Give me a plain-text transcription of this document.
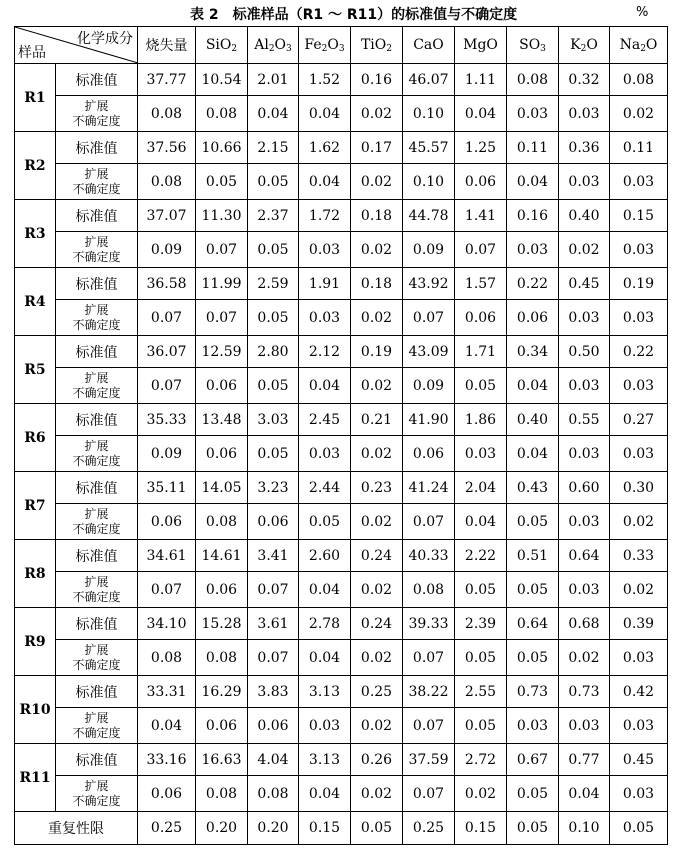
表 2　标准样品（R1 ～ R11）的标准值与不确定度	%
化学成分
样品		烧失量	SiO$_2$	$Al_2O_3$	$Fe_2O_3$	TiO$_2$	CaO	MgO	$SO_3$	$K_2O$	$Na_2O$
R1	标准值	37.77	10.54	2.01	1.52	0.16	46.07	1.11	0.08	0.32	0.08

	扩展
不确定度	0.08	0.08	0.04	0.04	0.02	0.10	0.04	0.03	0.03	0.02
R2	标准值	37.56	10.66	2.15	1.62	0.17	45.57	1.25	0.11	0.36	0.11

	扩展
不确定度	0.08	0.05	0.05	0.04	0.02	0.10	0.06	0.04	0.03	0.03
R3	标准值	37.07	11.30	2.37	1.72	0.18	44.78	1.41	0.16	0.40	0.15

	扩展
不确定度	0.09	0.07	0.05	0.03	0.02	0.09	0.07	0.03	0.02	0.03
R4	标准值	36.58	11.99	2.59	1.91	0.18	43.92	1.57	0.22	0.45	0.19

	扩展
不确定度	0.07	0.07	0.05	0.03	0.02	0.07	0.06	0.06	0.03	0.03
R5	标准值	36.07	12.59	2.80	2.12	0.19	43.09	1.71	0.34	0.50	0.22

	扩展
不确定度	0.07	0.06	0.05	0.04	0.02	0.09	0.05	0.04	0.03	0.03
R6	标准值	35.33	13.48	3.03	2.45	0.21	41.90	1.86	0.40	0.55	0.27

	扩展
不确定度	0.09	0.06	0.05	0.03	0.02	0.06	0.03	0.04	0.03	0.03
R7	标准值	35.11	14.05	3.23	2.44	0.23	41.24	2.04	0.43	0.60	0.30

	扩展
不确定度	0.06	0.08	0.06	0.05	0.02	0.07	0.04	0.05	0.03	0.02
R8	标准值	34.61	14.61	3.41	2.60	0.24	40.33	2.22	0.51	0.64	0.33

	扩展
不确定度	0.07	0.06	0.07	0.04	0.02	0.08	0.05	0.05	0.03	0.02
R9	标准值	34.10	15.28	3.61	2.78	0.24	39.33	2.39	0.64	0.68	0.39

	扩展
不确定度	0.08	0.08	0.07	0.04	0.02	0.07	0.05	0.05	0.02	0.03
R10	标准值	33.31	16.29	3.83	3.13	0.25	38.22	2.55	0.73	0.73	0.42

	扩展
不确定度	0.04	0.06	0.06	0.03	0.02	0.07	0.05	0.03	0.03	0.03
R11	标准值	33.16	16.63	4.04	3.13	0.26	37.59	2.72	0.67	0.77	0.45

	扩展
不确定度	0.06	0.08	0.08	0.04	0.02	0.07	0.02	0.05	0.04	0.03
重复性限		0.25	0.20	0.20	0.15	0.05	0.25	0.15	0.05	0.10	0.05
